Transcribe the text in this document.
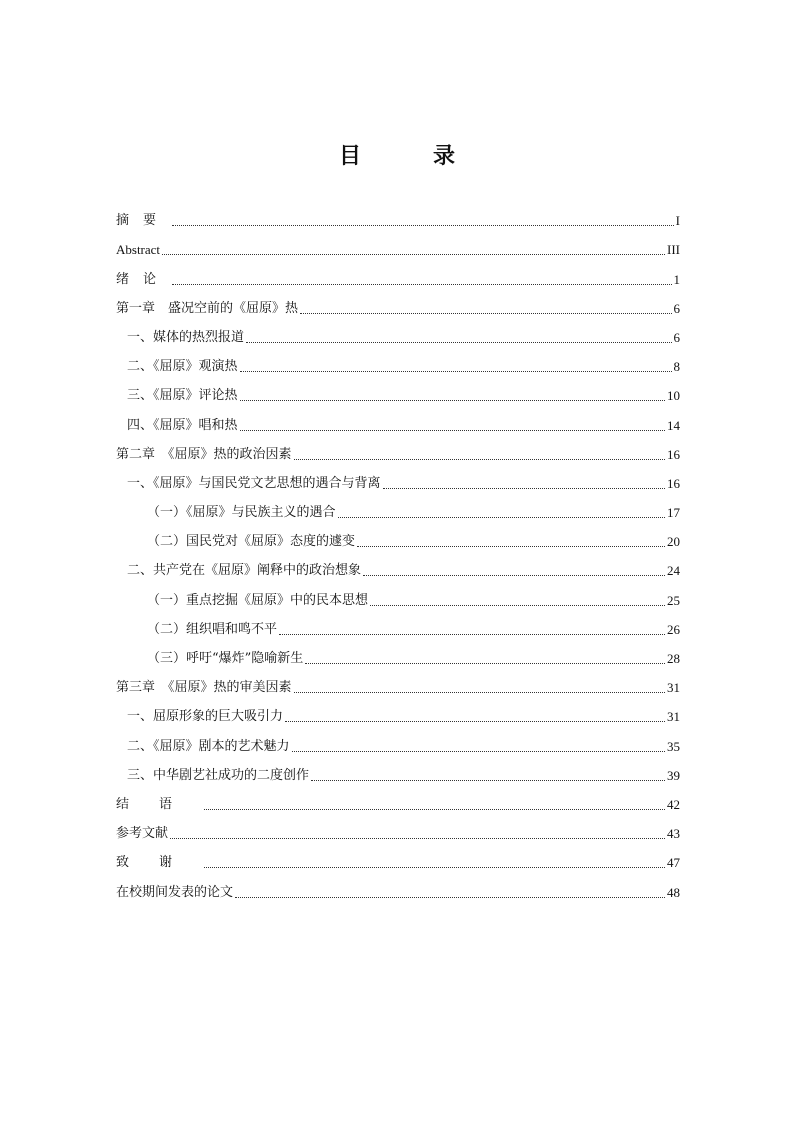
目	录
摘要	I
Abstract	III
绪论	1
第一章　盛况空前的《屈原》热	6
一、媒体的热烈报道	6
二、《屈原》观演热	8
三、《屈原》评论热	10
四、《屈原》唱和热	14
第二章　《屈原》热的政治因素	16
一、《屈原》与国民党文艺思想的遇合与背离	16
（一）《屈原》与民族主义的遇合	17
（二）国民党对《屈原》态度的遽变	20
二、共产党在《屈原》阐释中的政治想象	24
（一）重点挖掘《屈原》中的民本思想	25
（二）组织唱和鸣不平	26
（三）呼吁“爆炸”隐喻新生	28
第三章　《屈原》热的审美因素	31
一、屈原形象的巨大吸引力	31
二、《屈原》剧本的艺术魅力	35
三、中华剧艺社成功的二度创作	39
结语	42
参考文献	43
致谢	47
在校期间发表的论文	48
